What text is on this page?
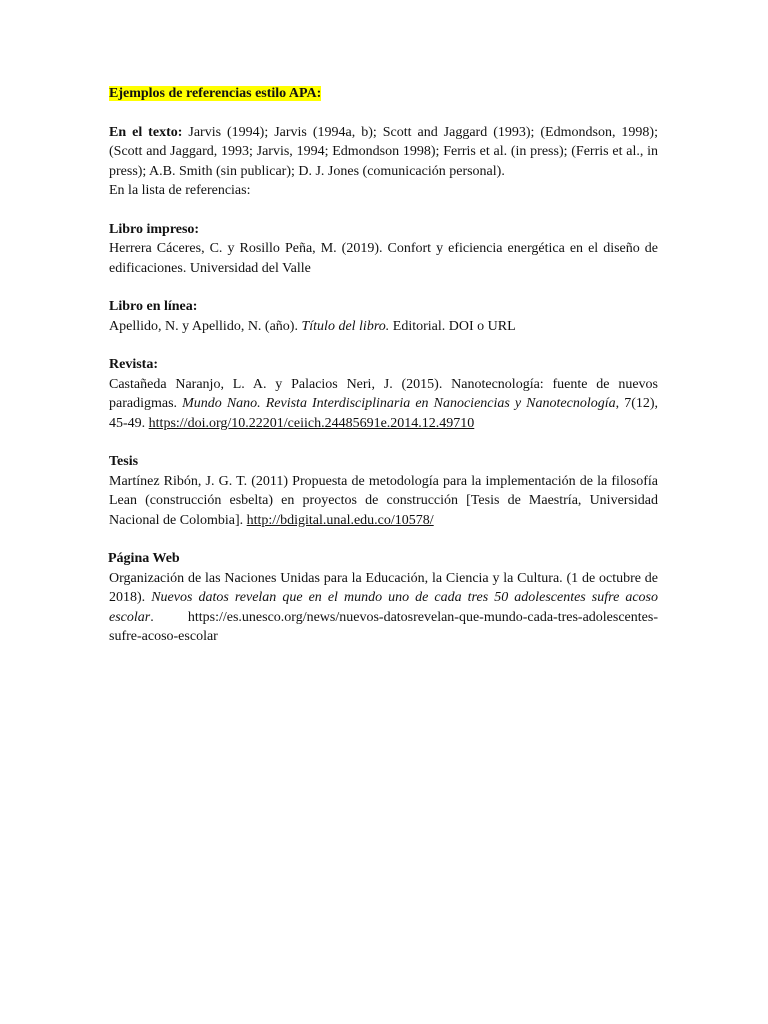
Ejemplos de referencias estilo APA:

En el texto: Jarvis (1994); Jarvis (1994a, b); Scott and Jaggard (1993); (Edmondson, 1998); (Scott and Jaggard, 1993; Jarvis, 1994; Edmondson 1998); Ferris et al. (in press); (Ferris et al., in press); A.B. Smith (sin publicar); D. J. Jones (comunicación personal).

En la lista de referencias:

Libro impreso:

Herrera Cáceres, C. y Rosillo Peña, M. (2019). Confort y eficiencia energética en el diseño de edificaciones. Universidad del Valle

Libro en línea:

Apellido, N. y Apellido, N. (año). Título del libro. Editorial. DOI o URL

Revista:

Castañeda Naranjo, L. A. y Palacios Neri, J. (2015). Nanotecnología: fuente de nuevos paradigmas. Mundo Nano. Revista Interdisciplinaria en Nanociencias y Nanotecnología, 7(12), 45-49. https://doi.org/10.22201/ceiich.24485691e.2014.12.49710

Tesis

Martínez Ribón, J. G. T. (2011) Propuesta de metodología para la implementación de la filosofía Lean (construcción esbelta) en proyectos de construcción [Tesis de Maestría, Universidad Nacional de Colombia]. http://bdigital.unal.edu.co/10578/

Página Web

Organización de las Naciones Unidas para la Educación, la Ciencia y la Cultura. (1 de octubre de 2018). Nuevos datos revelan que en el mundo uno de cada tres 50 adolescentes sufre acoso escolar. https://es.unesco.org/news/nuevos-datosrevelan-que-mundo-cada-tres-adolescentes-sufre-acoso-escolar
